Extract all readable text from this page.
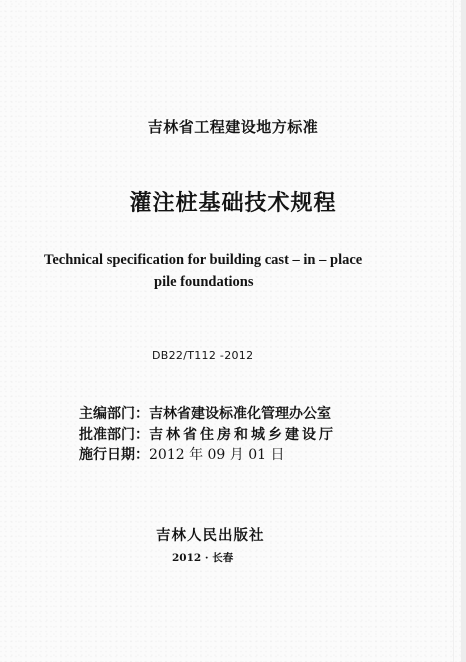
吉林省工程建设地方标准
灌注桩基础技术规程
Technical specification for building cast – in – place
pile foundations
DB22/T112 -2012
主编部门：吉林省建设标准化管理办公室
批准部门：吉林省住房和城乡建设厅
施行日期：2012 年 09 月 01 日
吉林人民出版社
2012 · 长春
